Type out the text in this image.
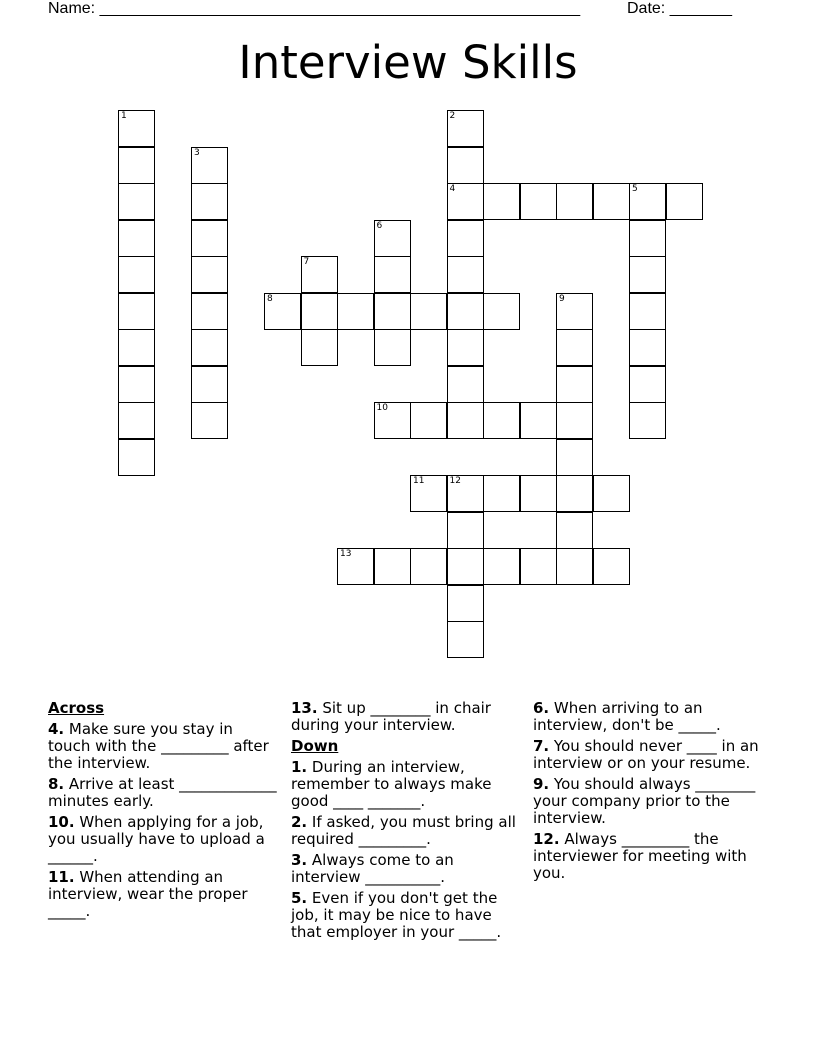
Name: ______________________________________________________	Date: _______
Interview Skills
1
3
2
4	5
6
7
8	9
10
11	12
13
Across
4. Make sure you stay in touch with the _________ after the interview.
8. Arrive at least _____________ minutes early.
10. When applying for a job, you usually have to upload a ______.
11. When attending an interview, wear the proper _____.
13. Sit up ________ in chair during your interview.
Down
1. During an interview, remember to always make good ____ _______.
2. If asked, you must bring all required _________.
3. Always come to an interview __________.
5. Even if you don't get the job, it may be nice to have that employer in your _____.
6. When arriving to an interview, don't be _____.
7. You should never ____ in an interview or on your resume.
9. You should always ________ your company prior to the interview.
12. Always _________ the interviewer for meeting with you.
